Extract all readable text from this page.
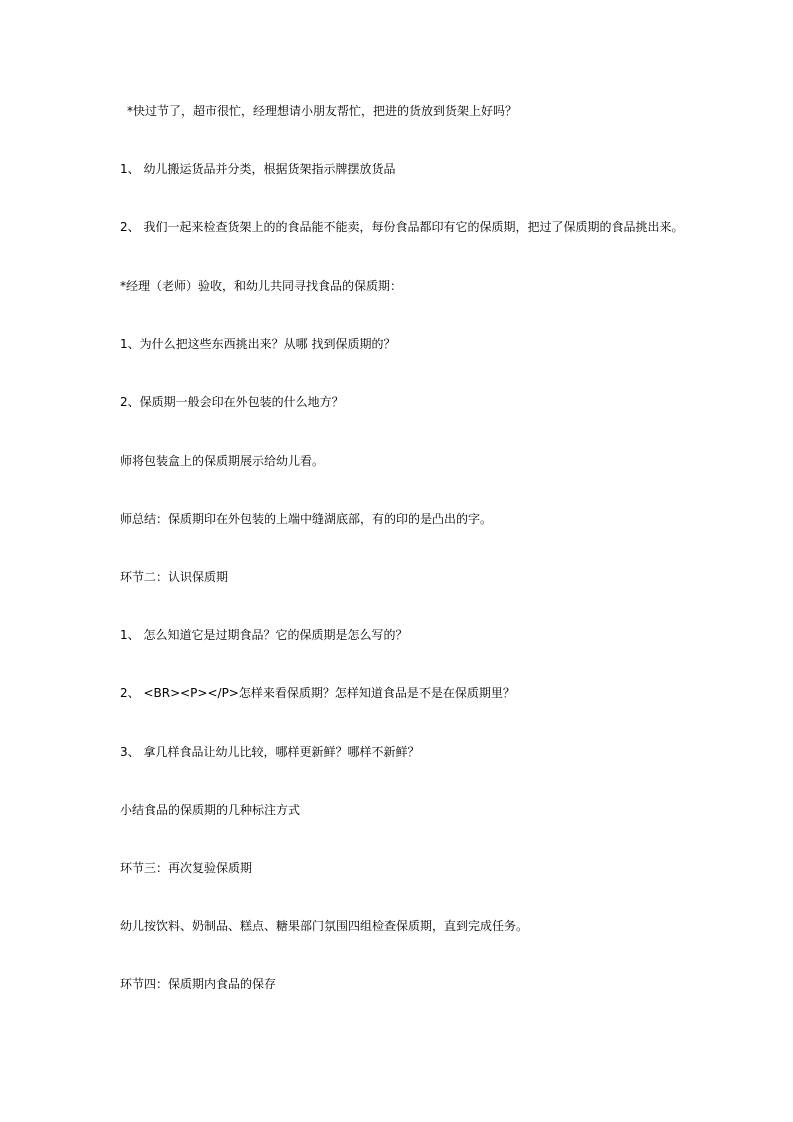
*快过节了，超市很忙，经理想请小朋友帮忙，把进的货放到货架上好吗？
1、 幼儿搬运货品并分类，根据货架指示牌摆放货品
2、 我们一起来检查货架上的的食品能不能卖，每份食品都印有它的保质期，把过了保质期的食品挑出来。
*经理（老师）验收，和幼儿共同寻找食品的保质期：
1、为什么把这些东西挑出来？从哪 找到保质期的？
2、保质期一般会印在外包装的什么地方？
师将包装盒上的保质期展示给幼儿看。
师总结：保质期印在外包装的上端中缝湖底部，有的印的是凸出的字。
环节二：认识保质期
1、 怎么知道它是过期食品？它的保质期是怎么写的？
2、 <BR><P></P>怎样来看保质期？怎样知道食品是不是在保质期里？
3、 拿几样食品让幼儿比较，哪样更新鲜？哪样不新鲜？
小结食品的保质期的几种标注方式
环节三：再次复验保质期
幼儿按饮料、奶制品、糕点、糖果部门氛围四组检查保质期，直到完成任务。
环节四：保质期内食品的保存
